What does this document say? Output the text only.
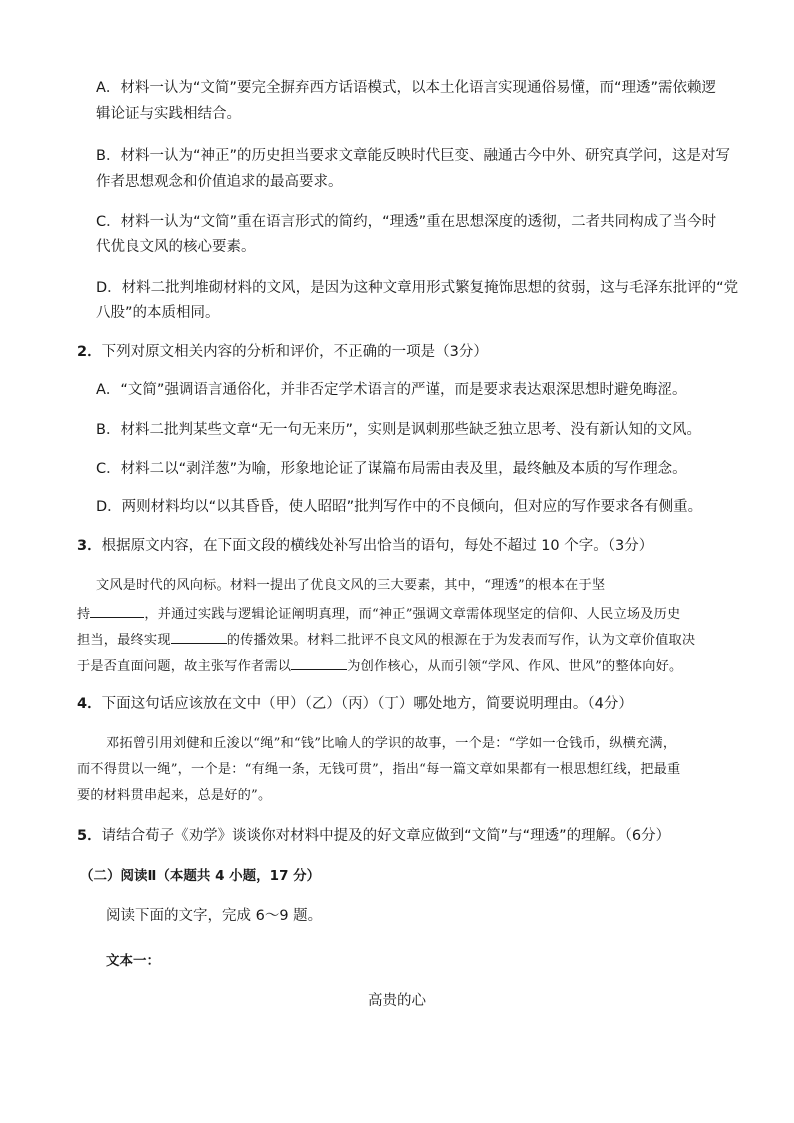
A．材料一认为“文简”要完全摒弃西方话语模式，以本土化语言实现通俗易懂，而“理透”需依赖逻
辑论证与实践相结合。
B．材料一认为“神正”的历史担当要求文章能反映时代巨变、融通古今中外、研究真学问，这是对写
作者思想观念和价值追求的最高要求。
C．材料一认为“文简”重在语言形式的简约，“理透”重在思想深度的透彻，二者共同构成了当今时
代优良文风的核心要素。
D．材料二批判堆砌材料的文风，是因为这种文章用形式繁复掩饰思想的贫弱，这与毛泽东批评的“党
八股”的本质相同。
2．下列对原文相关内容的分析和评价，不正确的一项是（3分）
A．“文简”强调语言通俗化，并非否定学术语言的严谨，而是要求表达艰深思想时避免晦涩。
B．材料二批判某些文章“无一句无来历”，实则是讽刺那些缺乏独立思考、没有新认知的文风。
C．材料二以“剥洋葱”为喻，形象地论证了谋篇布局需由表及里，最终触及本质的写作理念。
D．两则材料均以“以其昏昏，使人昭昭”批判写作中的不良倾向，但对应的写作要求各有侧重。
3．根据原文内容，在下面文段的横线处补写出恰当的语句，每处不超过 10 个字。（3分）
文风是时代的风向标。材料一提出了优良文风的三大要素，其中，“理透”的根本在于坚
持	，并通过实践与逻辑论证阐明真理，而“神正”强调文章需体现坚定的信仰、人民立场及历史
担当，最终实现	的传播效果。材料二批评不良文风的根源在于为发表而写作，认为文章价值取决
于是否直面问题，故主张写作者需以	为创作核心，从而引领“学风、作风、世风”的整体向好。
4．下面这句话应该放在文中（甲）（乙）（丙）（丁）哪处地方，简要说明理由。（4分）
邓拓曾引用刘健和丘浚以“绳”和“钱”比喻人的学识的故事，一个是：“学如一仓钱币，纵横充满，
而不得贯以一绳”，一个是：“有绳一条，无钱可贯”，指出“每一篇文章如果都有一根思想红线，把最重
要的材料贯串起来，总是好的”。
5．请结合荀子《劝学》谈谈你对材料中提及的好文章应做到“文简”与“理透”的理解。（6分）
（二）阅读Ⅱ（本题共 4 小题，17 分）
阅读下面的文字，完成 6～9 题。
文本一：
高贵的心
